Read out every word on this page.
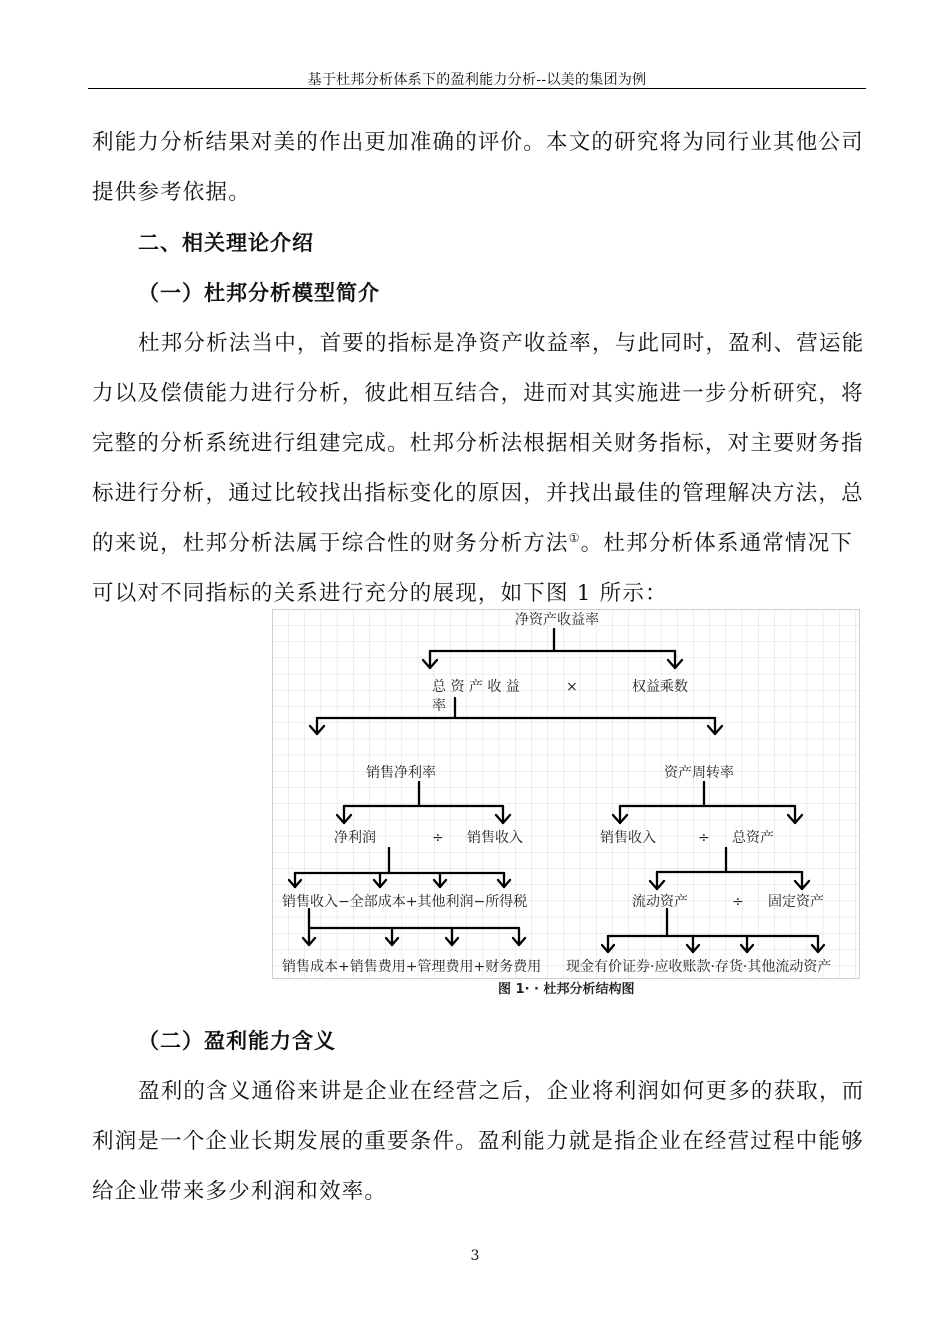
基于杜邦分析体系下的盈利能力分析--以美的集团为例
利能力分析结果对美的作出更加准确的评价。本文的研究将为同行业其他公司
提供参考依据。
二、相关理论介绍
（一）杜邦分析模型简介
杜邦分析法当中，首要的指标是净资产收益率，与此同时，盈利、营运能
力以及偿债能力进行分析，彼此相互结合，进而对其实施进一步分析研究，将
完整的分析系统进行组建完成。杜邦分析法根据相关财务指标，对主要财务指
标进行分析，通过比较找出指标变化的原因，并找出最佳的管理解决方法，总
的来说，杜邦分析法属于综合性的财务分析方法①。杜邦分析体系通常情况下
可以对不同指标的关系进行充分的展现，如下图 1 所示：
净资产收益率
总 资 产 收 益
率
×	权益乘数
销售净利率	资产周转率
净利润	÷ 销售收入	销售收入	÷ 总资产
销售收入−全部成本+其他利润−所得税	流动资产	÷ 固定资产
销售成本+销售费用+管理费用+财务费用 现金有价证券·应收账款·存货·其他流动资产
图 1· · 杜邦分析结构图
（二）盈利能力含义
盈利的含义通俗来讲是企业在经营之后，企业将利润如何更多的获取，而
利润是一个企业长期发展的重要条件。盈利能力就是指企业在经营过程中能够
给企业带来多少利润和效率。
3
